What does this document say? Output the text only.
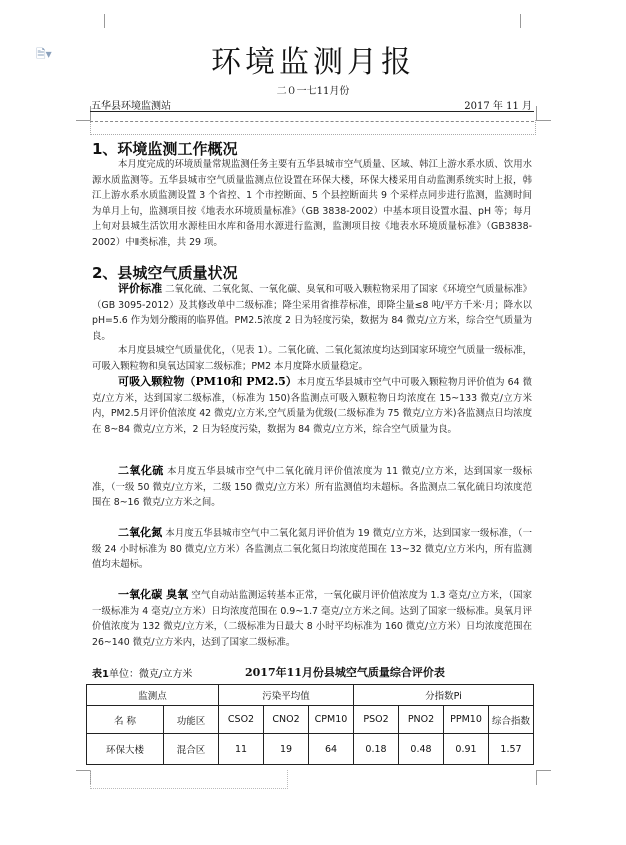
🗎▾	环境监测月报
二０一七11月份
五华县环境监测站	2017 年 11 月
1、环境监测工作概况

本月度完成的环境质量常规监测任务主要有五华县城市空气质量、区域、韩江上游水系水质、饮用水源水质监测等。五华县城市空气质量监测点位设置在环保大楼，环保大楼采用自动监测系统实时上报，韩江上游水系水质监测设置 3 个省控、1 个市控断面、5 个县控断面共 9 个采样点同步进行监测，监测时间为单月上旬，监测项目按《地表水环境质量标准》（GB 3838-2002）中基本项目设置水温、pH 等；每月上旬对县城生活饮用水源桂田水库和备用水源进行监测，监测项目按《地表水环境质量标准》（GB3838-2002）中Ⅱ类标准，共 29 项。

2、县城空气质量状况

评价标准 二氧化硫、二氧化氮、一氧化碳、臭氧和可吸入颗粒物采用了国家《环境空气质量标准》（GB 3095-2012）及其修改单中二级标准；降尘采用省推荐标准，即降尘量≤8 吨/平方千米·月；降水以 pH=5.6 作为划分酸雨的临界值。PM2.5浓度 2 日为轻度污染，数据为 84 微克/立方米，综合空气质量为良。

本月度县城空气质量优化，（见表 1）。二氧化硫、二氧化氮浓度均达到国家环境空气质量一级标准，可吸入颗粒物和臭氧达国家二级标准；PM2 本月度降水质量稳定。

可吸入颗粒物（PM10和 PM2.5）本月度五华县城市空气中可吸入颗粒物月评价值为 64 微克/立方米，达到国家二级标准，（标准为 150)各监测点可吸入颗粒物日均浓度在 15~133 微克/立方米内，PM2.5月评价值浓度 42 微克/立方米,空气质量为优级(二级标准为 75 微克/立方米)各监测点日均浓度在 8~84 微克/立方米，2 日为轻度污染，数据为 84 微克/立方米，综合空气质量为良。

二氧化硫 本月度五华县城市空气中二氧化硫月评价值浓度为 11 微克/立方米，达到国家一级标准，（一级 50 微克/立方米，二级 150 微克/立方米）所有监测值均未超标。各监测点二氧化硫日均浓度范围在 8~16 微克/立方米之间。

二氧化氮 本月度五华县城市空气中二氧化氮月评价值为 19 微克/立方米，达到国家一级标准，（一级 24 小时标准为 80 微克/立方米）各监测点二氧化氮日均浓度范围在 13~32 微克/立方米内，所有监测值均未超标。

一氧化碳 臭氧 空气自动站监测运转基本正常，一氧化碳月评价值浓度为 1.3 毫克/立方米，（国家一级标准为 4 毫克/立方米）日均浓度范围在 0.9~1.7 毫克/立方米之间。达到了国家一级标准。臭氧月评价值浓度为 132 微克/立方米，（二级标准为日最大 8 小时平均标准为 160 微克/立方米）日均浓度范围在 26~140 微克/立方米内，达到了国家二级标准。

表1单位：微克/立方米	2017年11月份县城空气质量综合评价表
监测点		污染平均值			分指数Pi			
名 称	功能区	CSO2	CNO2	CPM10	PSO2	PNO2	PPM10	综合指数
环保大楼	混合区	11	19	64	0.18	0.48	0.91	1.57
